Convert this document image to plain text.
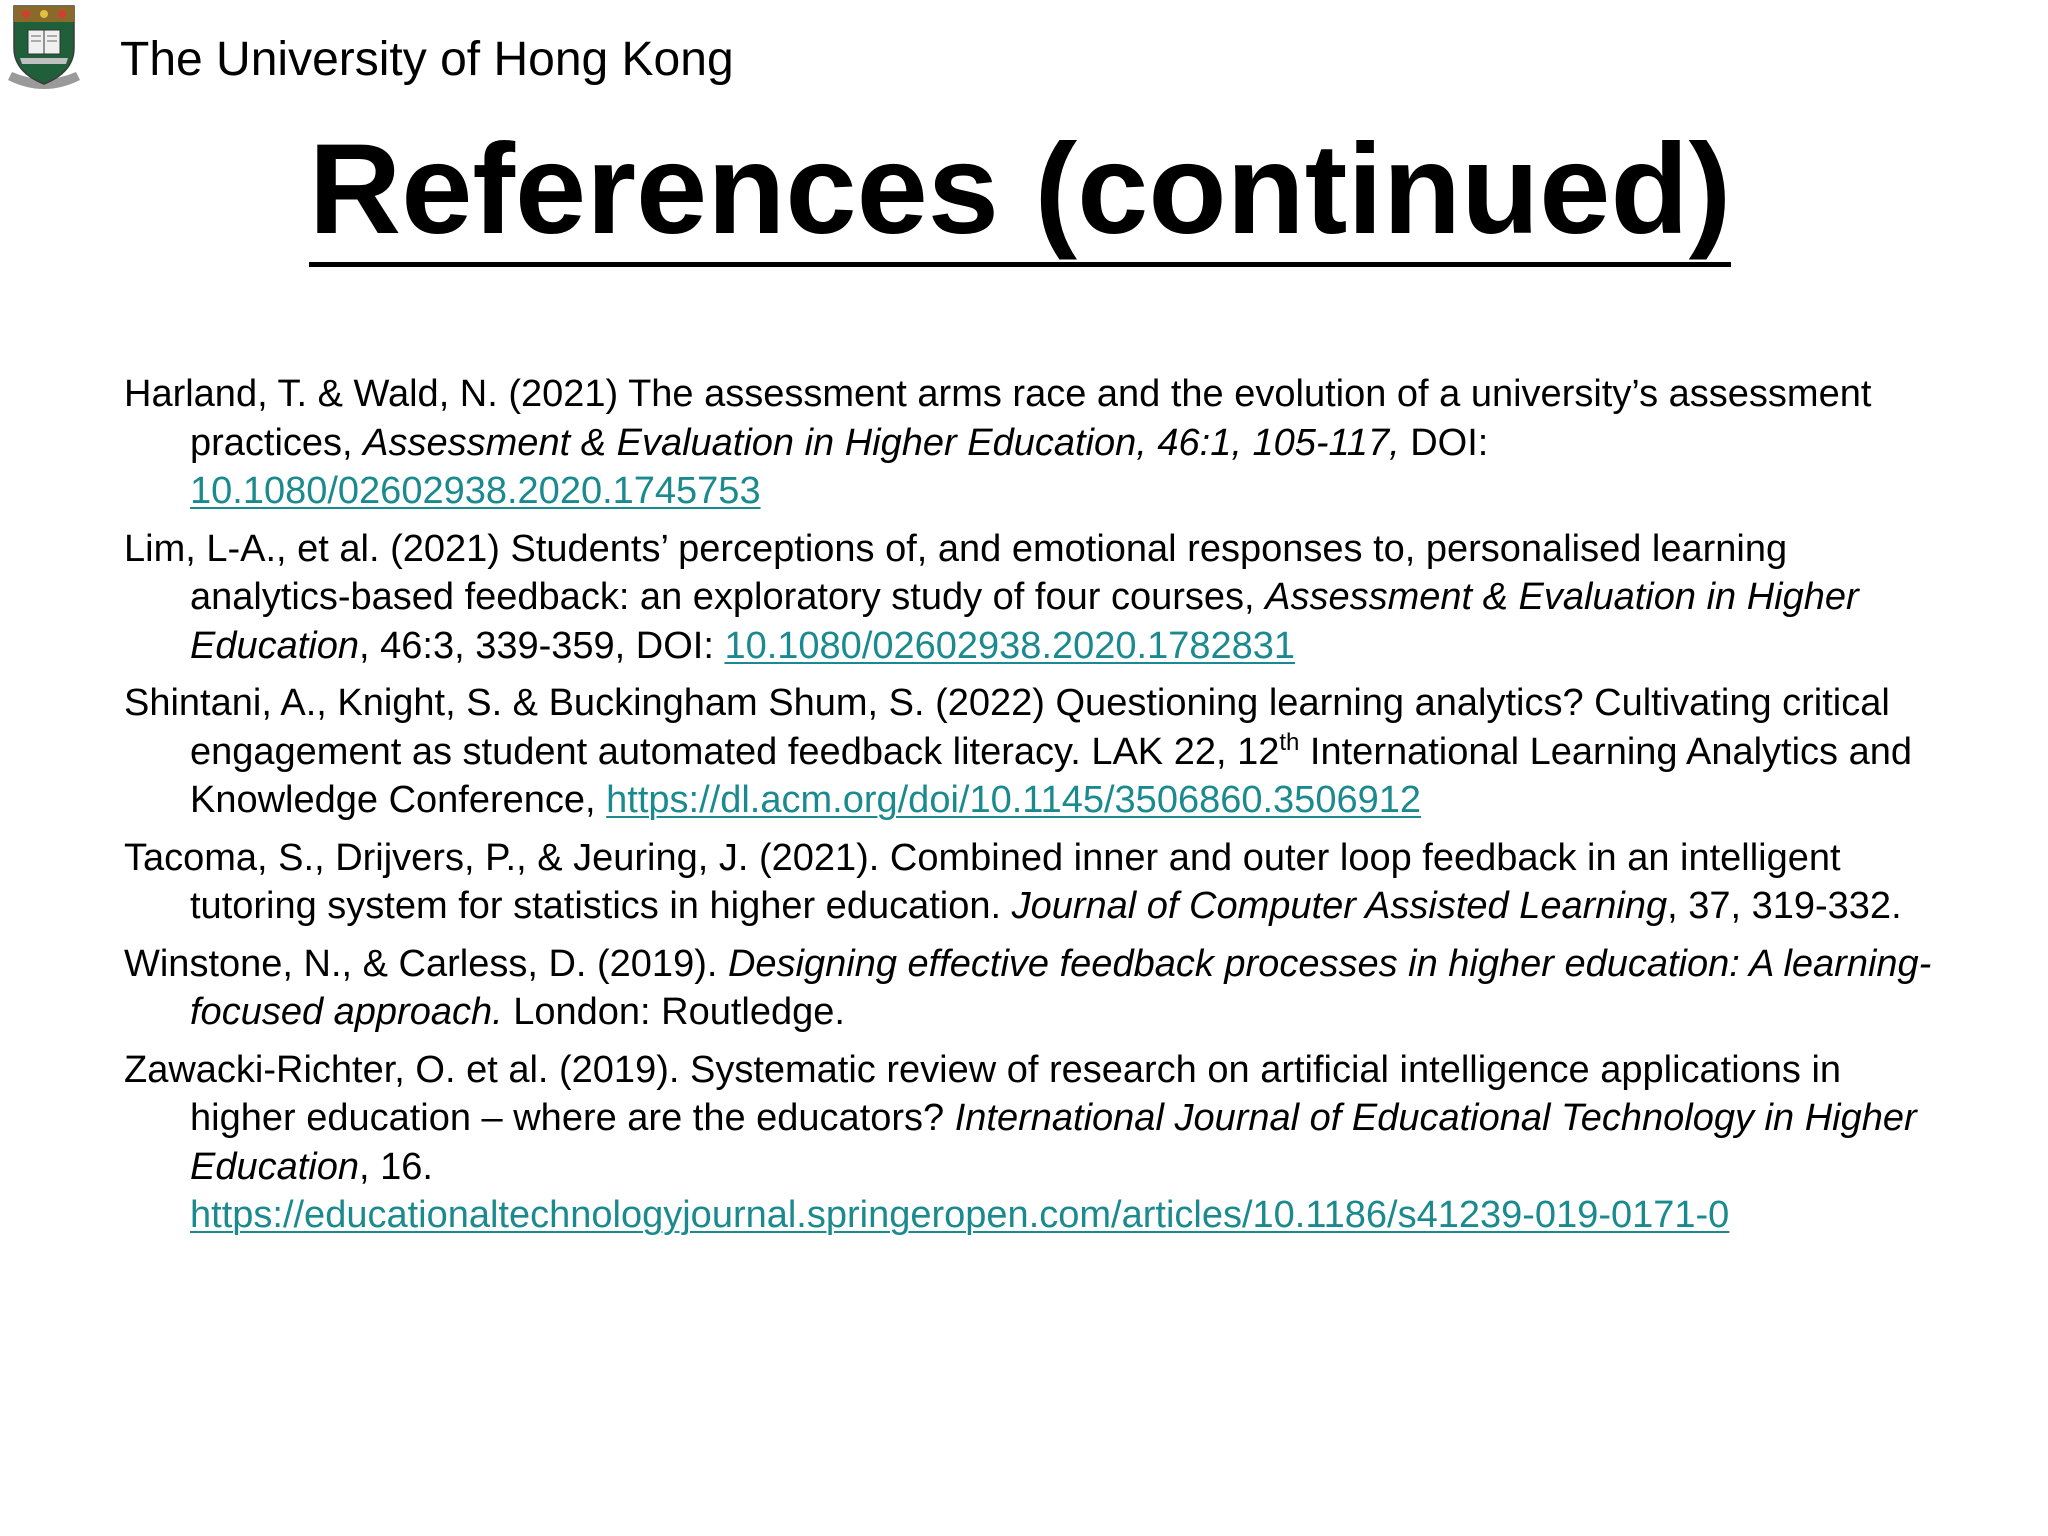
The University of Hong Kong
References (continued)

Harland, T. & Wald, N. (2021) The assessment arms race and the evolution of a university’s assessment practices, Assessment & Evaluation in Higher Education, 46:1, 105-117, DOI: 10.1080/02602938.2020.1745753

Lim, L-A., et al. (2021) Students’ perceptions of, and emotional responses to, personalised learning analytics-based feedback: an exploratory study of four courses, Assessment & Evaluation in Higher Education, 46:3, 339-359, DOI: 10.1080/02602938.2020.1782831

Shintani, A., Knight, S. & Buckingham Shum, S. (2022) Questioning learning analytics? Cultivating critical engagement as student automated feedback literacy. LAK 22, 12th International Learning Analytics and Knowledge Conference, https://dl.acm.org/doi/10.1145/3506860.3506912

Tacoma, S., Drijvers, P., & Jeuring, J. (2021). Combined inner and outer loop feedback in an intelligent tutoring system for statistics in higher education. Journal of Computer Assisted Learning, 37, 319-332.

Winstone, N., & Carless, D. (2019). Designing effective feedback processes in higher education: A learning-focused approach. London: Routledge.

Zawacki-Richter, O. et al. (2019). Systematic review of research on artificial intelligence applications in higher education – where are the educators? International Journal of Educational Technology in Higher Education, 16. https://educationaltechnologyjournal.springeropen.com/articles/10.1186/s41239-019-0171-0
